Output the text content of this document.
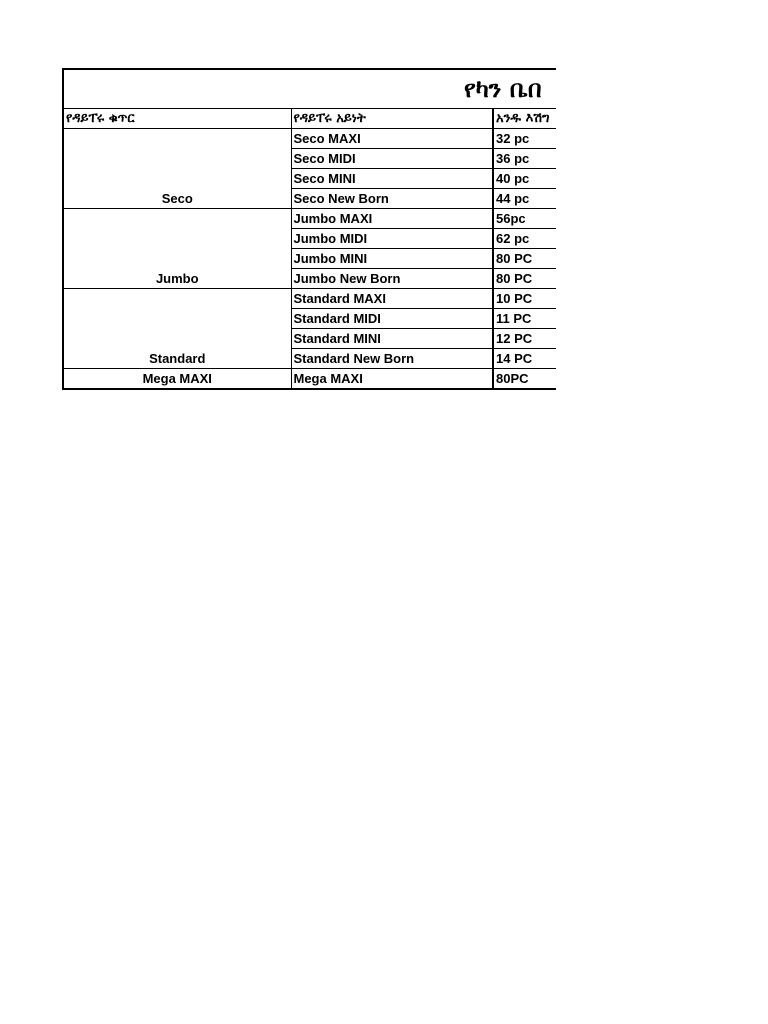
የካን ቤበ		
የዳይፐሩ ቁጥር	የዳይፐሩ አይነት	አንዱ እሽግ
Seco	Seco MAXI	32 pc
	Seco MIDI	36 pc
	Seco MINI	40 pc
	Seco New Born	44 pc
Jumbo	Jumbo MAXI	56pc
	Jumbo MIDI	62 pc
	Jumbo MINI	80 PC
	Jumbo New Born	80 PC
Standard	Standard MAXI	10 PC
	Standard MIDI	11 PC
	Standard MINI	12 PC
	Standard New Born	14 PC
Mega MAXI	Mega MAXI	80PC
